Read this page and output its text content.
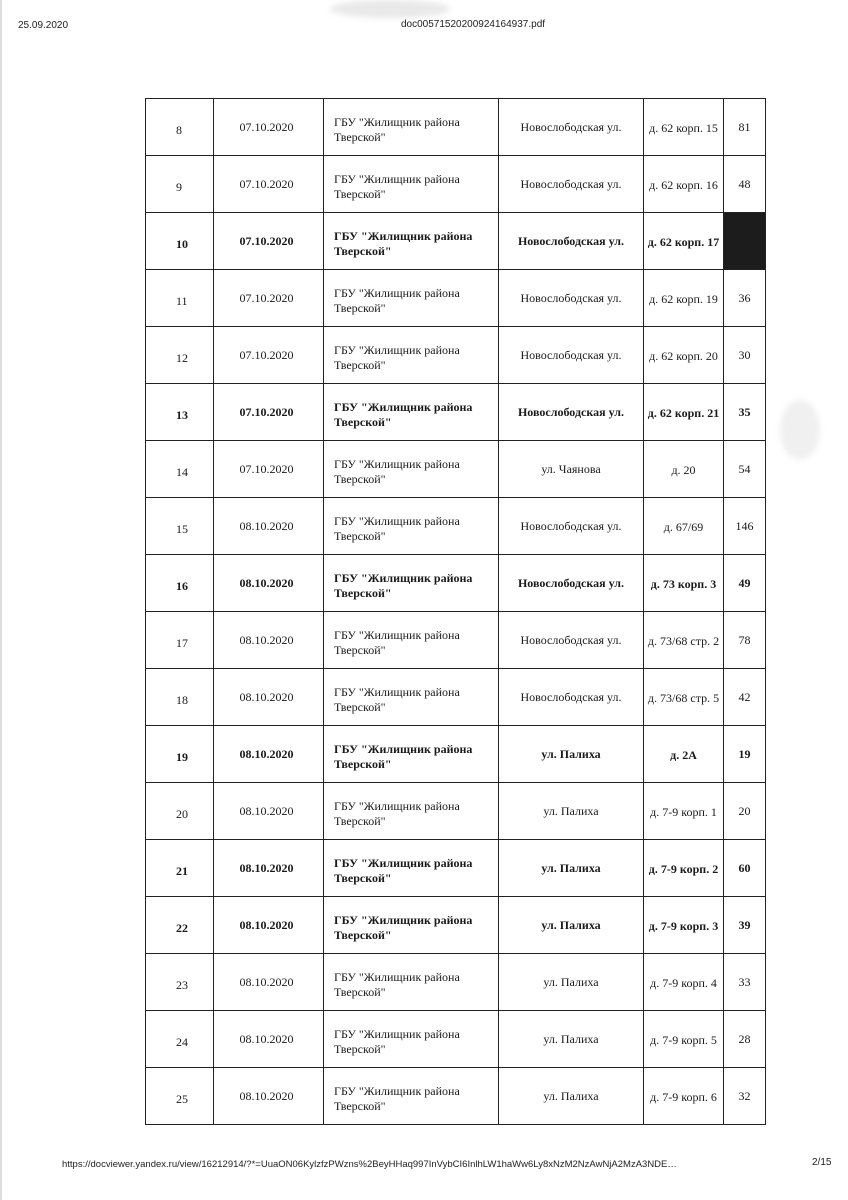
25.09.2020	doc00571520200924164937.pdf
8	07.10.2020	ГБУ "Жилищник района Тверской"	Новослободская ул.	д. 62 корп. 15	81
9	07.10.2020	ГБУ "Жилищник района Тверской"	Новослободская ул.	д. 62 корп. 16	48
10	07.10.2020	ГБУ "Жилищник района Тверской"	Новослободская ул.	д. 62 корп. 17	
11	07.10.2020	ГБУ "Жилищник района Тверской"	Новослободская ул.	д. 62 корп. 19	36
12	07.10.2020	ГБУ "Жилищник района Тверской"	Новослободская ул.	д. 62 корп. 20	30
13	07.10.2020	ГБУ "Жилищник района Тверской"	Новослободская ул.	д. 62 корп. 21	35
14	07.10.2020	ГБУ "Жилищник района Тверской"	ул. Чаянова	д. 20	54
15	08.10.2020	ГБУ "Жилищник района Тверской"	Новослободская ул.	д. 67/69	146
16	08.10.2020	ГБУ "Жилищник района Тверской"	Новослободская ул.	д. 73 корп. 3	49
17	08.10.2020	ГБУ "Жилищник района Тверской"	Новослободская ул.	д. 73/68 стр. 2	78
18	08.10.2020	ГБУ "Жилищник района Тверской"	Новослободская ул.	д. 73/68 стр. 5	42
19	08.10.2020	ГБУ "Жилищник района Тверской"	ул. Палиха	д. 2А	19
20	08.10.2020	ГБУ "Жилищник района Тверской"	ул. Палиха	д. 7-9 корп. 1	20
21	08.10.2020	ГБУ "Жилищник района Тверской"	ул. Палиха	д. 7-9 корп. 2	60
22	08.10.2020	ГБУ "Жилищник района Тверской"	ул. Палиха	д. 7-9 корп. 3	39
23	08.10.2020	ГБУ "Жилищник района Тверской"	ул. Палиха	д. 7-9 корп. 4	33
24	08.10.2020	ГБУ "Жилищник района Тверской"	ул. Палиха	д. 7-9 корп. 5	28
25	08.10.2020	ГБУ "Жилищник района Тверской"	ул. Палиха	д. 7-9 корп. 6	32
https://docviewer.yandex.ru/view/16212914/?*=UuaON06KylzfzPWzns%2BeyHHaq997InVybCI6InlhLW1haWw6Ly8xNzM2NzAwNjA2MzA3NDE…	2/15
